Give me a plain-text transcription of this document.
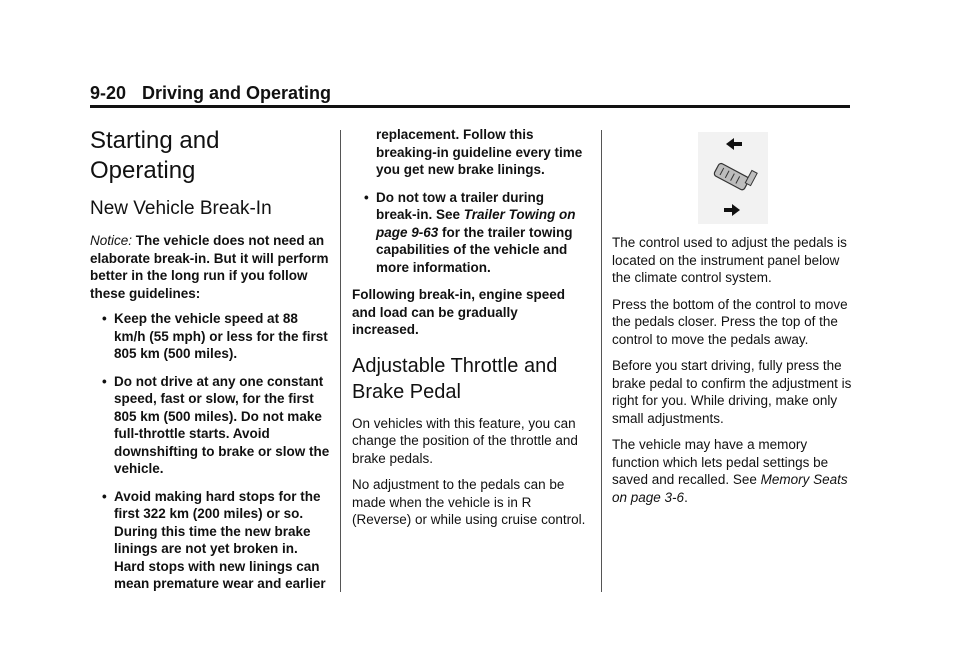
9-20 Driving and Operating
Starting and
Operating
New Vehicle Break-In

Notice: The vehicle does not need an elaborate break-in. But it will perform better in the long run if you follow these guidelines:

• Keep the vehicle speed at 88 km/h (55 mph) or less for the first 805 km (500 miles).
• Do not drive at any one constant speed, fast or slow, for the first 805 km (500 miles). Do not make full-throttle starts. Avoid downshifting to brake or slow the vehicle.
• Avoid making hard stops for the first 322 km (200 miles) or so. During this time the new brake linings are not yet broken in. Hard stops with new linings can mean premature wear and earlier

replacement. Follow this breaking-in guideline every time you get new brake linings.

• Do not tow a trailer during break-in. See Trailer Towing on page 9-63 for the trailer towing capabilities of the vehicle and more information.

Following break-in, engine speed and load can be gradually increased.

Adjustable Throttle and Brake Pedal

On vehicles with this feature, you can change the position of the throttle and brake pedals.

No adjustment to the pedals can be made when the vehicle is in R (Reverse) or while using cruise control.

The control used to adjust the pedals is located on the instrument panel below the climate control system.

Press the bottom of the control to move the pedals closer. Press the top of the control to move the pedals away.

Before you start driving, fully press the brake pedal to confirm the adjustment is right for you. While driving, make only small adjustments.

The vehicle may have a memory function which lets pedal settings be saved and recalled. See Memory Seats on page 3-6.
